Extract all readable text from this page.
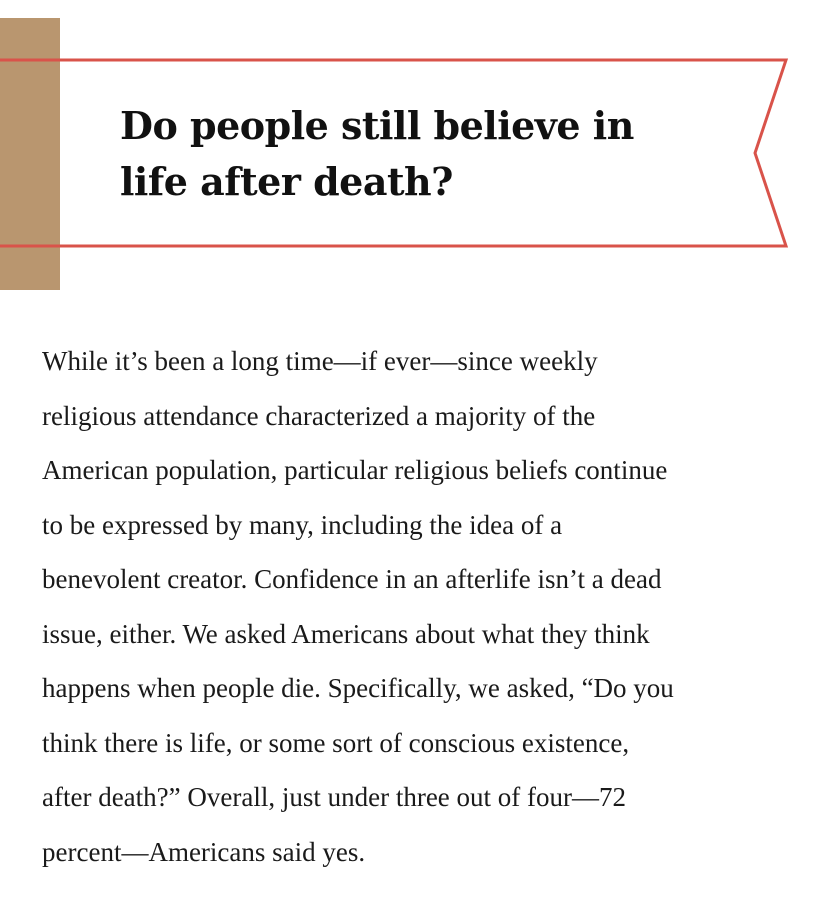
Do people still believe in
life after death?

While it’s been a long time—if ever—since weekly
religious attendance characterized a majority of the
American population, particular religious beliefs continue
to be expressed by many, including the idea of a
benevolent creator. Confidence in an afterlife isn’t a dead
issue, either. We asked Americans about what they think
happens when people die. Specifically, we asked, “Do you
think there is life, or some sort of conscious existence,
after death?” Overall, just under three out of four—72
percent—Americans said yes.
